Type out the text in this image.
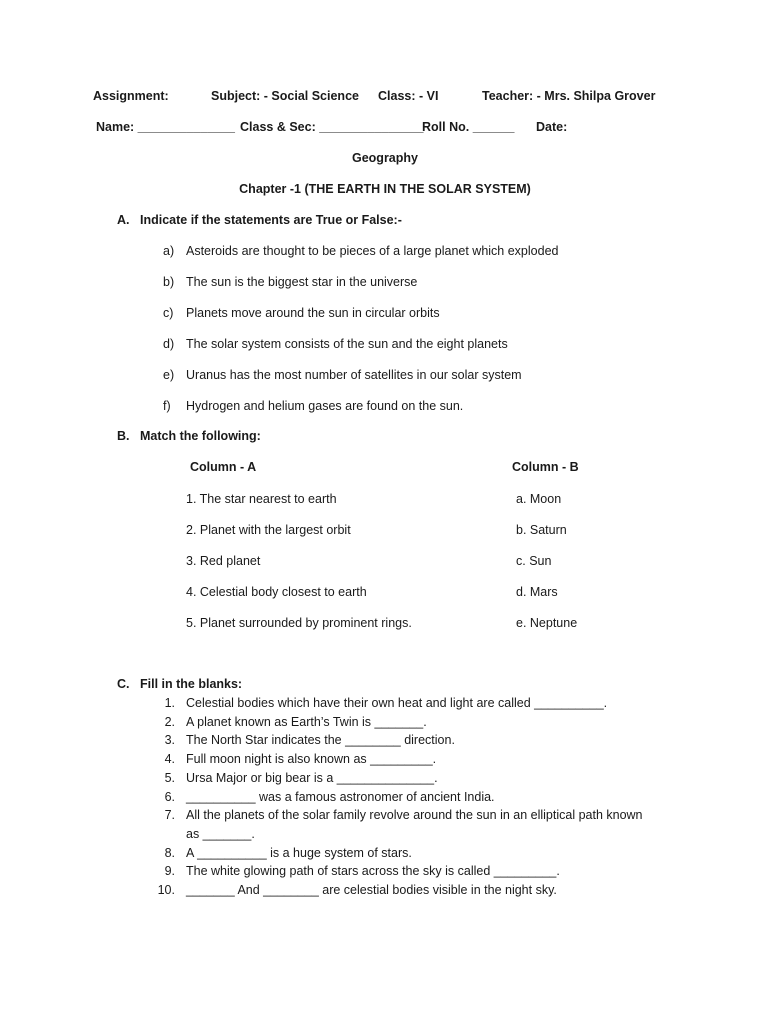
Assignment:	Subject: - Social Science Class: - VI	Teacher: - Mrs. Shilpa Grover
Name: ______________ Class & Sec: _______________
Roll No. ______ Date:
Geography
Chapter -1 (THE EARTH IN THE SOLAR SYSTEM)
A. Indicate if the statements are True or False:-
a) Asteroids are thought to be pieces of a large planet which exploded
b) The sun is the biggest star in the universe
c) Planets move around the sun in circular orbits
d) The solar system consists of the sun and the eight planets
e) Uranus has the most number of satellites in our solar system
f) Hydrogen and helium gases are found on the sun.
B. Match the following:
Column - A	Column - B
1. The star nearest to earth	a. Moon
2. Planet with the largest orbit	b. Saturn
3. Red planet	c. Sun
4. Celestial body closest to earth	d. Mars
5. Planet surrounded by prominent rings.	e. Neptune
C. Fill in the blanks:
1. Celestial bodies which have their own heat and light are called __________.
2. A planet known as Earth’s Twin is _______.
3. The North Star indicates the ________ direction.
4. Full moon night is also known as _________.
5. Ursa Major or big bear is a ______________.
6. __________ was a famous astronomer of ancient India.
7. All the planets of the solar family revolve around the sun in an elliptical path known
as _______.
8. A __________ is a huge system of stars.
9. The white glowing path of stars across the sky is called _________.
10. _______ And ________ are celestial bodies visible in the night sky.
